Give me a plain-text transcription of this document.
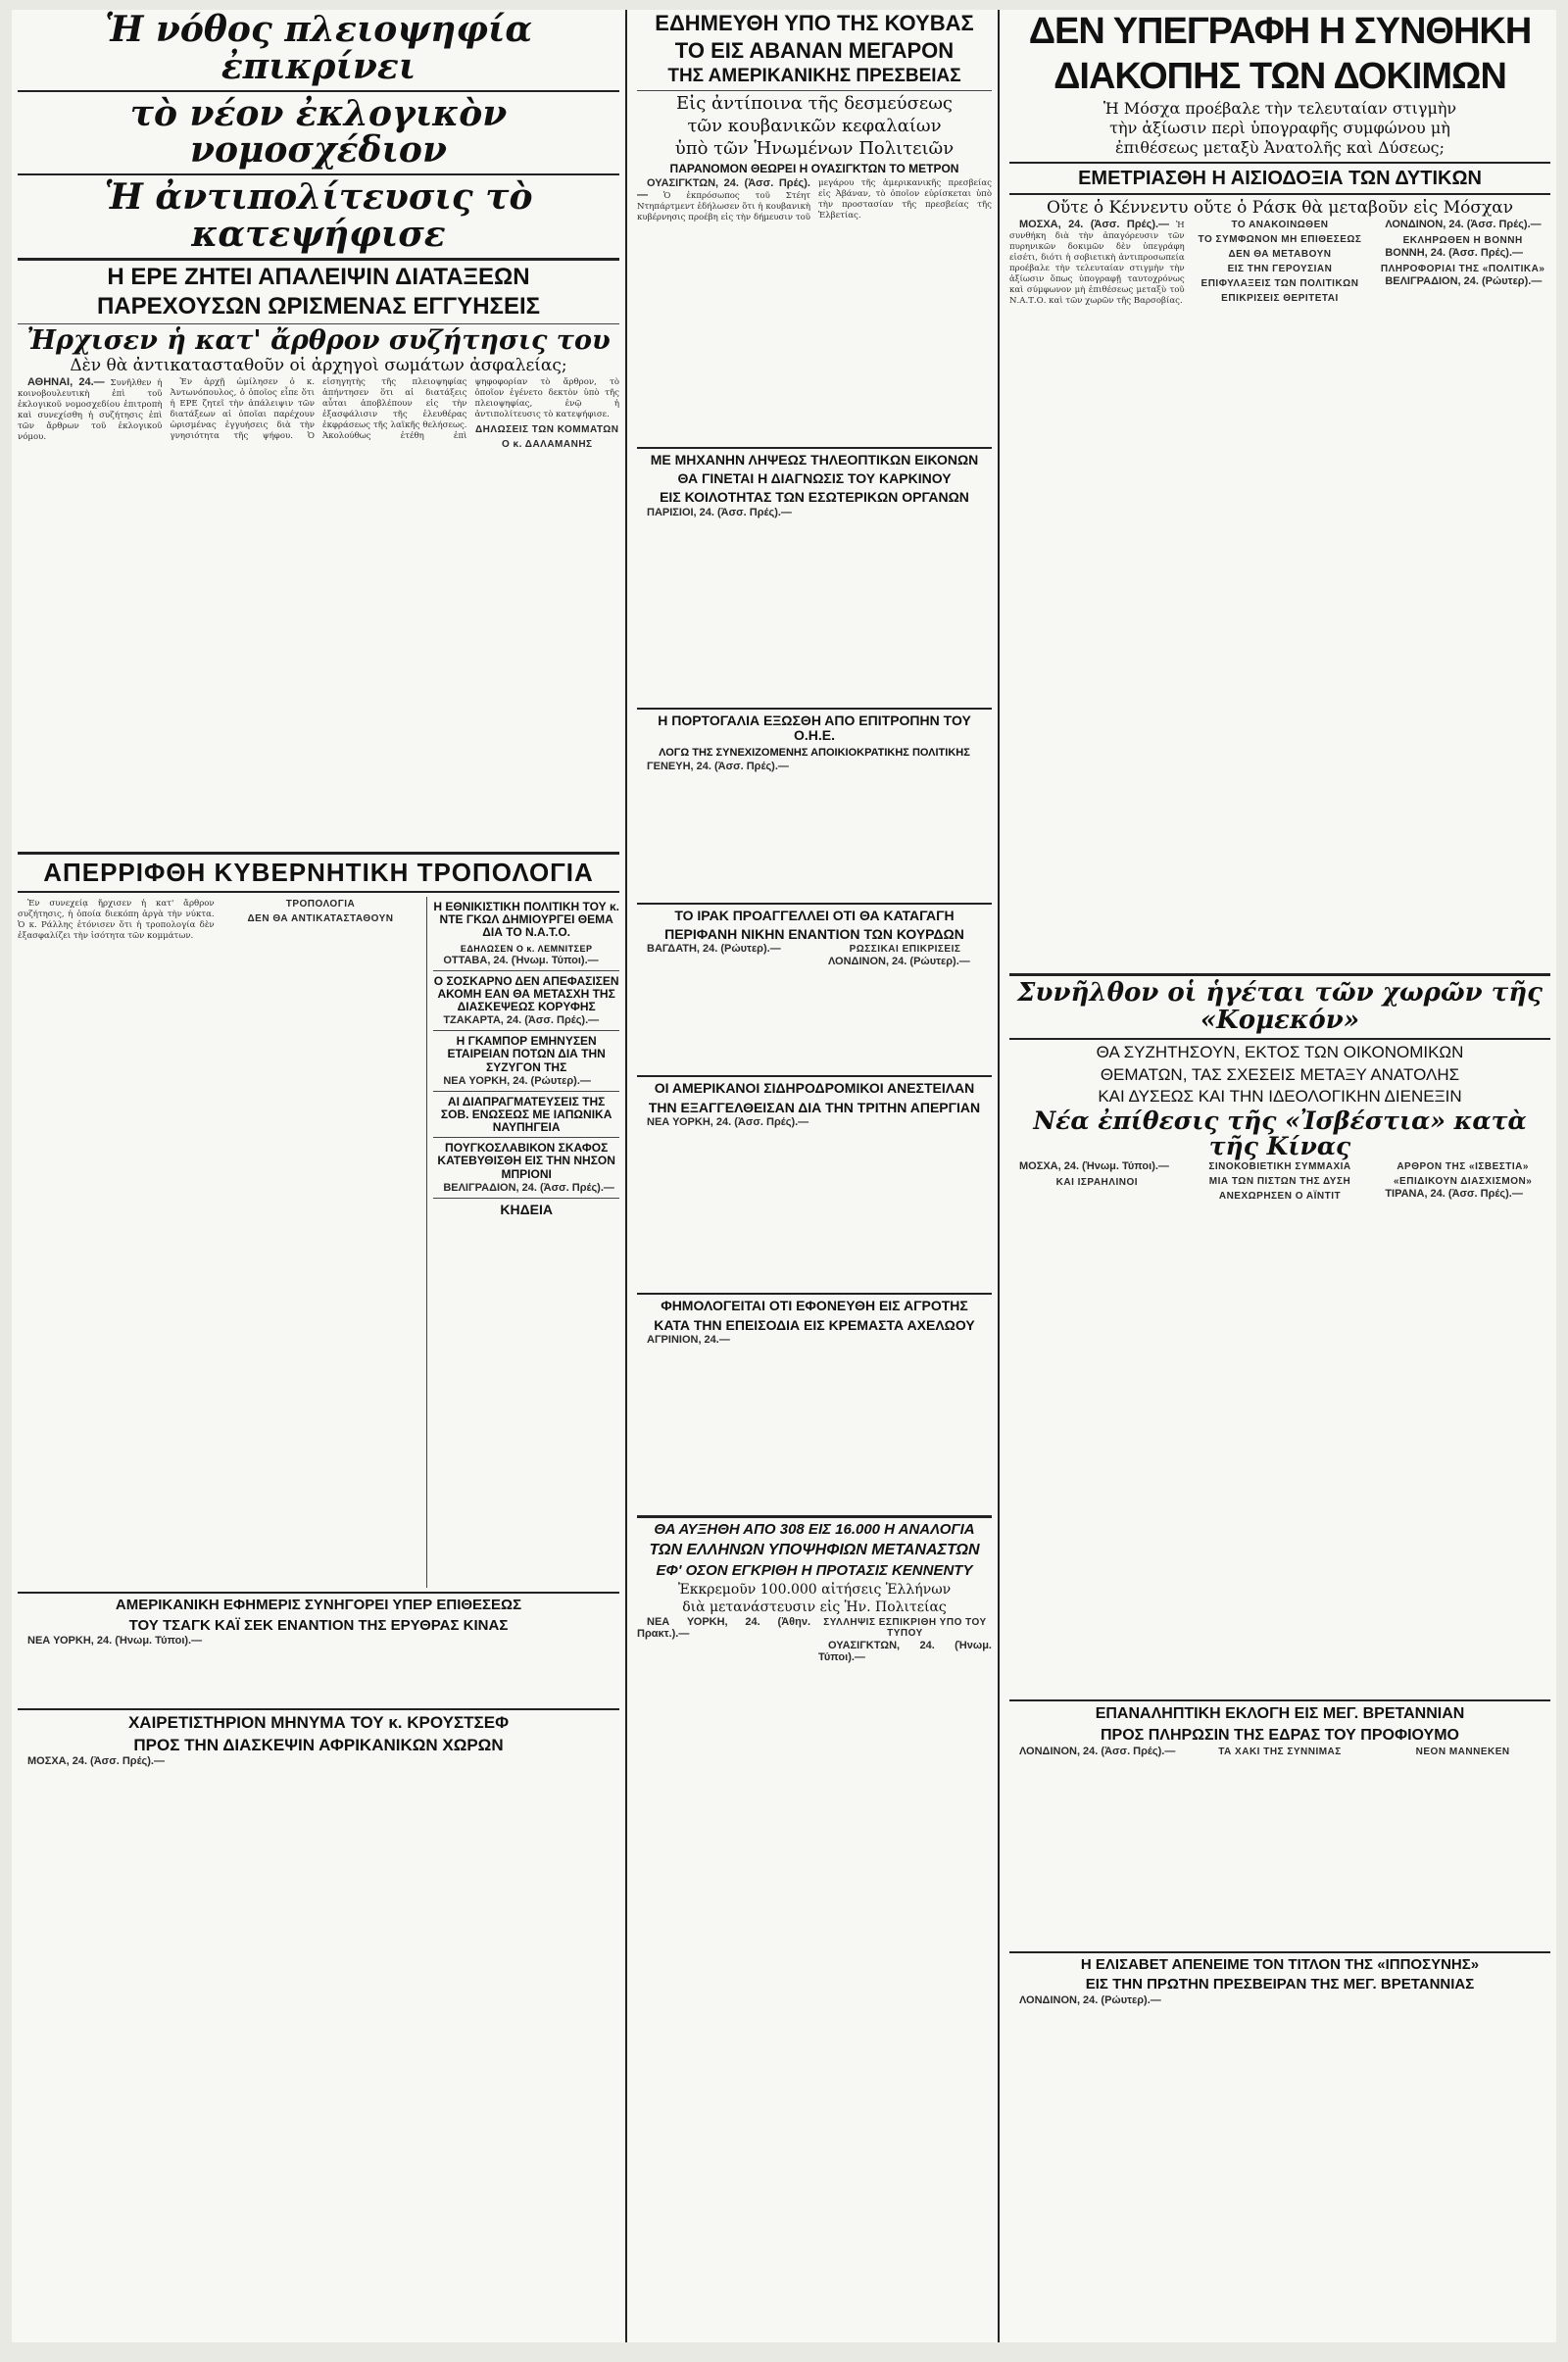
Ἡ νόθος πλειοψηφία ἐπικρίνει
τὸ νέον ἐκλογικὸν νομοσχέδιον
Ἡ ἀντιπολίτευσις τὸ κατεψήφισε
Η ΕΡΕ ΖΗΤΕΙ ΑΠΑΛΕΙΨΙΝ ΔΙΑΤΑΞΕΩΝ
ΠΑΡΕΧΟΥΣΩΝ ΩΡΙΣΜΕΝΑΣ ΕΓΓΥΗΣΕΙΣ
Ἠρχισεν ἡ κατ' ἄρθρον συζήτησις του
Δὲν θὰ ἀντικατασταθοῦν οἱ ἀρχηγοὶ σωμάτων ἀσφαλείας;

ΑΘΗΝΑΙ, 24.— Συνῆλθεν ἡ κοινοβουλευτικὴ ἐπὶ τοῦ ἐκλογικοῦ νομοσχεδίου ἐπιτροπὴ καὶ συνεχίσθη ἡ συζήτησις ἐπὶ τῶν ἄρθρων τοῦ ἐκλογικοῦ νόμου.

Ἐν ἀρχῇ ὡμίλησεν ὁ κ. Ἀντωνόπουλος, ὁ ὁποῖος εἶπε ὅτι ἡ ΕΡΕ ζητεῖ τὴν ἀπάλειψιν τῶν διατάξεων αἱ ὁποῖαι παρέχουν ὡρισμένας ἐγγυήσεις διὰ τὴν γνησιότητα τῆς ψήφου. Ὁ εἰσηγητὴς τῆς πλειοψηφίας ἀπήντησεν ὅτι αἱ διατάξεις αὗται ἀποβλέπουν εἰς τὴν ἐξασφάλισιν τῆς ἐλευθέρας ἐκφράσεως τῆς λαϊκῆς θελήσεως. Ἀκολούθως ἐτέθη ἐπὶ ψηφοφορίαν τὸ ἄρθρον, τὸ ὁποῖον ἐγένετο δεκτὸν ὑπὸ τῆς πλειοψηφίας, ἐνῷ ἡ ἀντιπολίτευσις τὸ κατεψήφισε.

ΔΗΛΩΣΕΙΣ ΤΩΝ ΚΟΜΜΑΤΩΝ
Ο κ. ΔΑΛΑΜΑΝΗΣ
ΑΠΕΡΡΙΦΘΗ ΚΥΒΕΡΝΗΤΙΚΗ ΤΡΟΠΟΛΟΓΙΑ

Ἐν συνεχείᾳ ἤρχισεν ἡ κατ' ἄρθρον συζήτησις, ἡ ὁποία διεκόπη ἀργὰ τὴν νύκτα. Ὁ κ. Ράλλης ἐτόνισεν ὅτι ἡ τροπολογία δὲν ἐξασφαλίζει τὴν ἰσότητα τῶν κομμάτων.

ΤΡΟΠΟΛΟΓΙΑ
ΔΕΝ ΘΑ ΑΝΤΙΚΑΤΑΣΤΑΘΟΥΝ
Η ΕΘΝΙΚΙΣΤΙΚΗ ΠΟΛΙΤΙΚΗ ΤΟΥ κ. ΝΤΕ ΓΚΩΛ ΔΗΜΙΟΥΡΓΕΙ ΘΕΜΑ ΔΙΑ ΤΟ Ν.Α.Τ.Ο.
ΕΔΗΛΩΣΕΝ Ο κ. ΛΕΜΝΙΤΣΕΡ

ΟΤΤΑΒΑ, 24. (Ἡνωμ. Τύποι).—

Ο ΣΟΣΚΑΡΝΟ ΔΕΝ ΑΠΕΦΑΣΙΣΕΝ ΑΚΟΜΗ ΕΑΝ ΘΑ ΜΕΤΑΣΧΗ ΤΗΣ ΔΙΑΣΚΕΨΕΩΣ ΚΟΡΥΦΗΣ

ΤΖΑΚΑΡΤΑ, 24. (Ἀσσ. Πρές).—

Η ΓΚΑΜΠΟΡ ΕΜΗΝΥΣΕΝ ΕΤΑΙΡΕΙΑΝ ΠΟΤΩΝ ΔΙΑ ΤΗΝ ΣΥΖΥΓΟΝ ΤΗΣ

ΝΕΑ ΥΟΡΚΗ, 24. (Ρώυτερ).—

ΑΙ ΔΙΑΠΡΑΓΜΑΤΕΥΣΕΙΣ ΤΗΣ ΣΟΒ. ΕΝΩΣΕΩΣ ΜΕ ΙΑΠΩΝΙΚΑ ΝΑΥΠΗΓΕΙΑ
ΠΟΥΓΚΟΣΛΑΒΙΚΟΝ ΣΚΑΦΟΣ ΚΑΤΕΒΥΘΙΣΘΗ ΕΙΣ ΤΗΝ ΝΗΣΟΝ ΜΠΡΙΟΝΙ

ΒΕΛΙΓΡΑΔΙΟΝ, 24. (Ἀσσ. Πρές).—

ΚΗΔΕΙΑ
ΑΜΕΡΙΚΑΝΙΚΗ ΕΦΗΜΕΡΙΣ ΣΥΝΗΓΟΡΕΙ ΥΠΕΡ ΕΠΙΘΕΣΕΩΣ
ΤΟΥ ΤΣΑΓΚ ΚΑΪ ΣΕΚ ΕΝΑΝΤΙΟΝ ΤΗΣ ΕΡΥΘΡΑΣ ΚΙΝΑΣ

ΝΕΑ ΥΟΡΚΗ, 24. (Ἡνωμ. Τύποι).—

ΧΑΙΡΕΤΙΣΤΗΡΙΟΝ ΜΗΝΥΜΑ ΤΟΥ κ. ΚΡΟΥΣΤΣΕΦ
ΠΡΟΣ ΤΗΝ ΔΙΑΣΚΕΨΙΝ ΑΦΡΙΚΑΝΙΚΩΝ ΧΩΡΩΝ

ΜΟΣΧΑ, 24. (Ἀσσ. Πρές).—

ΕΔΗΜΕΥΘΗ ΥΠΟ ΤΗΣ ΚΟΥΒΑΣ
ΤΟ ΕΙΣ ΑΒΑΝΑΝ ΜΕΓΑΡΟΝ
ΤΗΣ ΑΜΕΡΙΚΑΝΙΚΗΣ ΠΡΕΣΒΕΙΑΣ
Εἰς ἀντίποινα τῆς δεσμεύσεως
τῶν κουβανικῶν κεφαλαίων
ὑπὸ τῶν Ἡνωμένων Πολιτειῶν
ΠΑΡΑΝΟΜΟΝ ΘΕΩΡΕΙ Η ΟΥΑΣΙΓΚΤΩΝ ΤΟ ΜΕΤΡΟΝ

ΟΥΑΣΙΓΚΤΩΝ, 24. (Ἀσσ. Πρές).— Ὁ ἐκπρόσωπος τοῦ Στέητ Ντηπάρτμεντ ἐδήλωσεν ὅτι ἡ κουβανικὴ κυβέρνησις προέβη εἰς τὴν δήμευσιν τοῦ μεγάρου τῆς ἀμερικανικῆς πρεσβείας εἰς Ἀβάναν, τὸ ὁποῖον εὑρίσκεται ὑπὸ τὴν προστασίαν τῆς πρεσβείας τῆς Ἑλβετίας.

ΜΕ ΜΗΧΑΝΗΝ ΛΗΨΕΩΣ ΤΗΛΕΟΠΤΙΚΩΝ ΕΙΚΟΝΩΝ
ΘΑ ΓΙΝΕΤΑΙ Η ΔΙΑΓΝΩΣΙΣ ΤΟΥ ΚΑΡΚΙΝΟΥ
ΕΙΣ ΚΟΙΛΟΤΗΤΑΣ ΤΩΝ ΕΣΩΤΕΡΙΚΩΝ ΟΡΓΑΝΩΝ

ΠΑΡΙΣΙΟΙ, 24. (Ἀσσ. Πρές).—

Η ΠΟΡΤΟΓΑΛΙΑ ΕΞΩΣΘΗ ΑΠΟ ΕΠΙΤΡΟΠΗΝ ΤΟΥ Ο.Η.Ε.
ΛΟΓΩ ΤΗΣ ΣΥΝΕΧΙΖΟΜΕΝΗΣ ΑΠΟΙΚΙΟΚΡΑΤΙΚΗΣ ΠΟΛΙΤΙΚΗΣ

ΓΕΝΕΥΗ, 24. (Ἀσσ. Πρές).—

ΤΟ ΙΡΑΚ ΠΡΟΑΓΓΕΛΛΕΙ ΟΤΙ ΘΑ ΚΑΤΑΓΑΓΗ
ΠΕΡΙΦΑΝΗ ΝΙΚΗΝ ΕΝΑΝΤΙΟΝ ΤΩΝ ΚΟΥΡΔΩΝ

ΒΑΓΔΑΤΗ, 24. (Ρώυτερ).—	ΡΩΣΣΙΚΑΙ ΕΠΙΚΡΙΣΕΙΣ

ΛΟΝΔΙΝΟΝ, 24. (Ρώυτερ).—

ΟΙ ΑΜΕΡΙΚΑΝΟΙ ΣΙΔΗΡΟΔΡΟΜΙΚΟΙ ΑΝΕΣΤΕΙΛΑΝ
ΤΗΝ ΕΞΑΓΓΕΛΘΕΙΣΑΝ ΔΙΑ ΤΗΝ ΤΡΙΤΗΝ ΑΠΕΡΓΙΑΝ

ΝΕΑ ΥΟΡΚΗ, 24. (Ἀσσ. Πρές).—

ΦΗΜΟΛΟΓΕΙΤΑΙ ΟΤΙ ΕΦΟΝΕΥΘΗ ΕΙΣ ΑΓΡΟΤΗΣ
ΚΑΤΑ ΤΗΝ ΕΠΕΙΣΟΔΙΑ ΕΙΣ ΚΡΕΜΑΣΤΑ ΑΧΕΛΩΟΥ

ΑΓΡΙΝΙΟΝ, 24.—

ΘΑ ΑΥΞΗΘΗ ΑΠΟ 308 ΕΙΣ 16.000 Η ΑΝΑΛΟΓΙΑ
ΤΩΝ ΕΛΛΗΝΩΝ ΥΠΟΨΗΦΙΩΝ ΜΕΤΑΝΑΣΤΩΝ
ΕΦ' ΟΣΟΝ ΕΓΚΡΙΘΗ Η ΠΡΟΤΑΣΙΣ ΚΕΝΝΕΝΤΥ
Ἐκκρεμοῦν 100.000 αἰτήσεις Ἑλλήνων
διὰ μετανάστευσιν εἰς Ἡν. Πολιτείας

ΝΕΑ ΥΟΡΚΗ, 24. (Ἀθην. Πρακτ.).—

ΣΥΛΛΗΨΙΣ ΕΣΠΙΚΡΙΘΗ ΥΠΟ ΤΟΥ ΤΥΠΟΥ

ΟΥΑΣΙΓΚΤΩΝ, 24. (Ἡνωμ. Τύποι).—

ΔΕΝ ΥΠΕΓΡΑΦΗ Η ΣΥΝΘΗΚΗ
ΔΙΑΚΟΠΗΣ ΤΩΝ ΔΟΚΙΜΩΝ
Ἡ Μόσχα προέβαλε τὴν τελευταίαν στιγμὴν
τὴν ἀξίωσιν περὶ ὑπογραφῆς συμφώνου μὴ
ἐπιθέσεως μεταξὺ Ἀνατολῆς καὶ Δύσεως;
ΕΜΕΤΡΙΑΣΘΗ Η ΑΙΣΙΟΔΟΞΙΑ ΤΩΝ ΔΥΤΙΚΩΝ
Οὔτε ὁ Κέννεντυ οὔτε ὁ Ράσκ θὰ μεταβοῦν εἰς Μόσχαν

ΜΟΣΧΑ, 24. (Ἀσσ. Πρές).— Ἡ συνθήκη διὰ τὴν ἀπαγόρευσιν τῶν πυρηνικῶν δοκιμῶν δὲν ὑπεγράφη εἰσέτι, διότι ἡ σοβιετικὴ ἀντιπροσωπεία προέβαλε τὴν τελευταίαν στιγμὴν τὴν ἀξίωσιν ὅπως ὑπογραφῇ ταυτοχρόνως καὶ σύμφωνον μὴ ἐπιθέσεως μεταξὺ τοῦ Ν.Α.Τ.Ο. καὶ τῶν χωρῶν τῆς Βαρσοβίας.

ΤΟ ΑΝΑΚΟΙΝΩΘΕΝ
ΤΟ ΣΥΜΦΩΝΟΝ ΜΗ ΕΠΙΘΕΣΕΩΣ
ΔΕΝ ΘΑ ΜΕΤΑΒΟΥΝ
ΕΙΣ ΤΗΝ ΓΕΡΟΥΣΙΑΝ
ΕΠΙΦΥΛΑΞΕΙΣ ΤΩΝ ΠΟΛΙΤΙΚΩΝ
ΕΠΙΚΡΙΣΕΙΣ ΘΕΡΙΤΕΤΑΙ

ΛΟΝΔΙΝΟΝ, 24. (Ἀσσ. Πρές).—

ΕΚΛΗΡΩΘΕΝ Η ΒΟΝΝΗ

ΒΟΝΝΗ, 24. (Ἀσσ. Πρές).—

ΠΛΗΡΟΦΟΡΙΑΙ ΤΗΣ «ΠΟΛΙΤΙΚΑ»

ΒΕΛΙΓΡΑΔΙΟΝ, 24. (Ρώυτερ).—

Συνῆλθον οἱ ἡγέται τῶν χωρῶν τῆς «Κομεκόν»
ΘΑ ΣΥΖΗΤΗΣΟΥΝ, ΕΚΤΟΣ ΤΩΝ ΟΙΚΟΝΟΜΙΚΩΝ
ΘΕΜΑΤΩΝ, ΤΑΣ ΣΧΕΣΕΙΣ ΜΕΤΑΞΥ ΑΝΑΤΟΛΗΣ
ΚΑΙ ΔΥΣΕΩΣ ΚΑΙ ΤΗΝ ΙΔΕΟΛΟΓΙΚΗΝ ΔΙΕΝΕΞΙΝ
Νέα ἐπίθεσις τῆς «Ἰσβέστια» κατὰ τῆς Κίνας

ΜΟΣΧΑ, 24. (Ἡνωμ. Τύποι).—

ΚΑΙ ΙΣΡΑΗΛΙΝΟΙ
ΣΙΝΟΚΟΒΙΕΤΙΚΗ ΣΥΜΜΑΧΙΑ
ΜΙΑ ΤΩΝ ΠΙΣΤΩΝ ΤΗΣ ΔΥΣΗ
ΑΝΕΧΩΡΗΣΕΝ Ο ΑΪΝΤΙΤ
ΑΡΘΡΟΝ ΤΗΣ «ΙΣΒΕΣΤΙΑ»
«ΕΠΙΔΙΚΟΥΝ ΔΙΑΣΧΙΣΜΟΝ»

ΤΙΡΑΝΑ, 24. (Ἀσσ. Πρές).—

ΕΠΑΝΑΛΗΠΤΙΚΗ ΕΚΛΟΓΗ ΕΙΣ ΜΕΓ. ΒΡΕΤΑΝΝΙΑΝ
ΠΡΟΣ ΠΛΗΡΩΣΙΝ ΤΗΣ ΕΔΡΑΣ ΤΟΥ ΠΡΟΦΙΟΥΜΟ

ΛΟΝΔΙΝΟΝ, 24. (Ἀσσ. Πρές).—	ΤΑ ΧΑΚΙ ΤΗΣ ΣΥΝΝΙΜΑΣ	ΝΕΟΝ ΜΑΝΝΕΚΕΝ
Η ΕΛΙΣΑΒΕΤ ΑΠΕΝΕΙΜΕ ΤΟΝ ΤΙΤΛΟΝ ΤΗΣ «ΙΠΠΟΣΥΝΗΣ»
ΕΙΣ ΤΗΝ ΠΡΩΤΗΝ ΠΡΕΣΒΕΙΡΑΝ ΤΗΣ ΜΕΓ. ΒΡΕΤΑΝΝΙΑΣ

ΛΟΝΔΙΝΟΝ, 24. (Ρώυτερ).—
